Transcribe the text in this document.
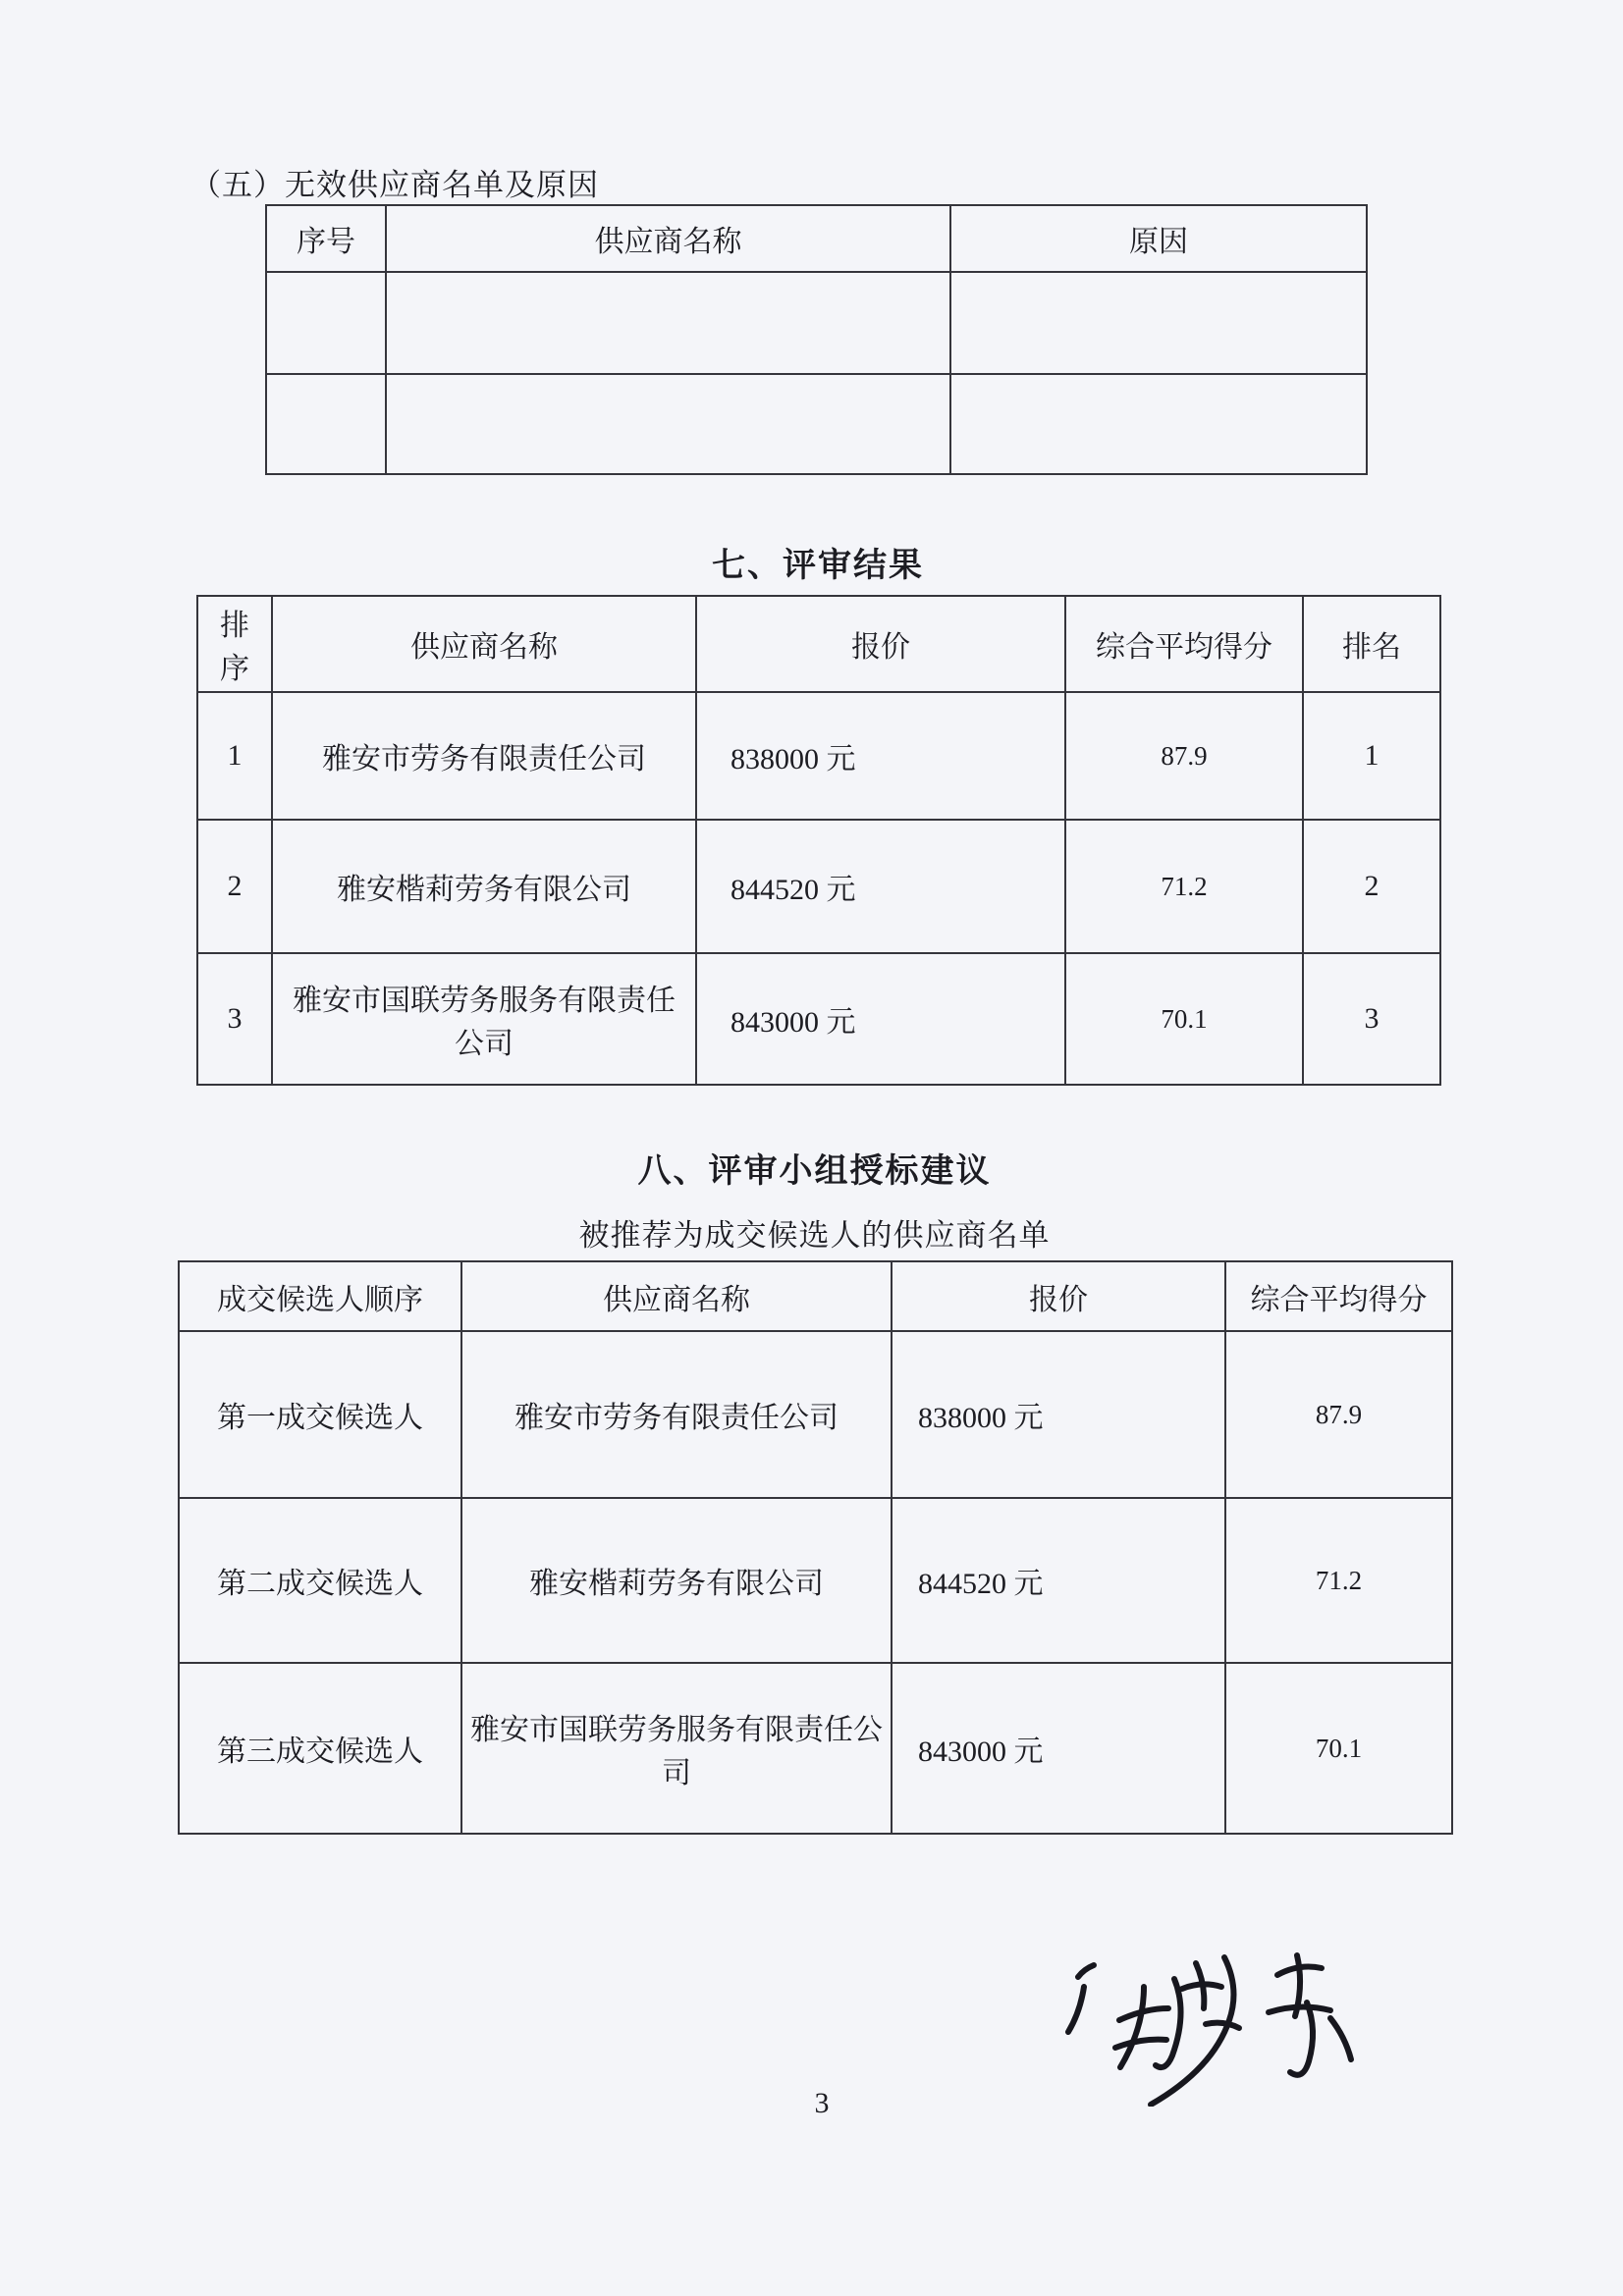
（五）无效供应商名单及原因
序号	供应商名称	原因

七、评审结果
排序	供应商名称	报价	综合平均得分	排名
1	雅安市劳务有限责任公司	838000 元	87.9	1
2	雅安楷莉劳务有限公司	844520 元	71.2	2
3	雅安市国联劳务服务有限责任公司	843000 元	70.1	3
八、评审小组授标建议
被推荐为成交候选人的供应商名单
成交候选人顺序	供应商名称	报价	综合平均得分
第一成交候选人	雅安市劳务有限责任公司	838000 元	87.9
第二成交候选人	雅安楷莉劳务有限公司	844520 元	71.2
第三成交候选人	雅安市国联劳务服务有限责任公司	843000 元	70.1
3
